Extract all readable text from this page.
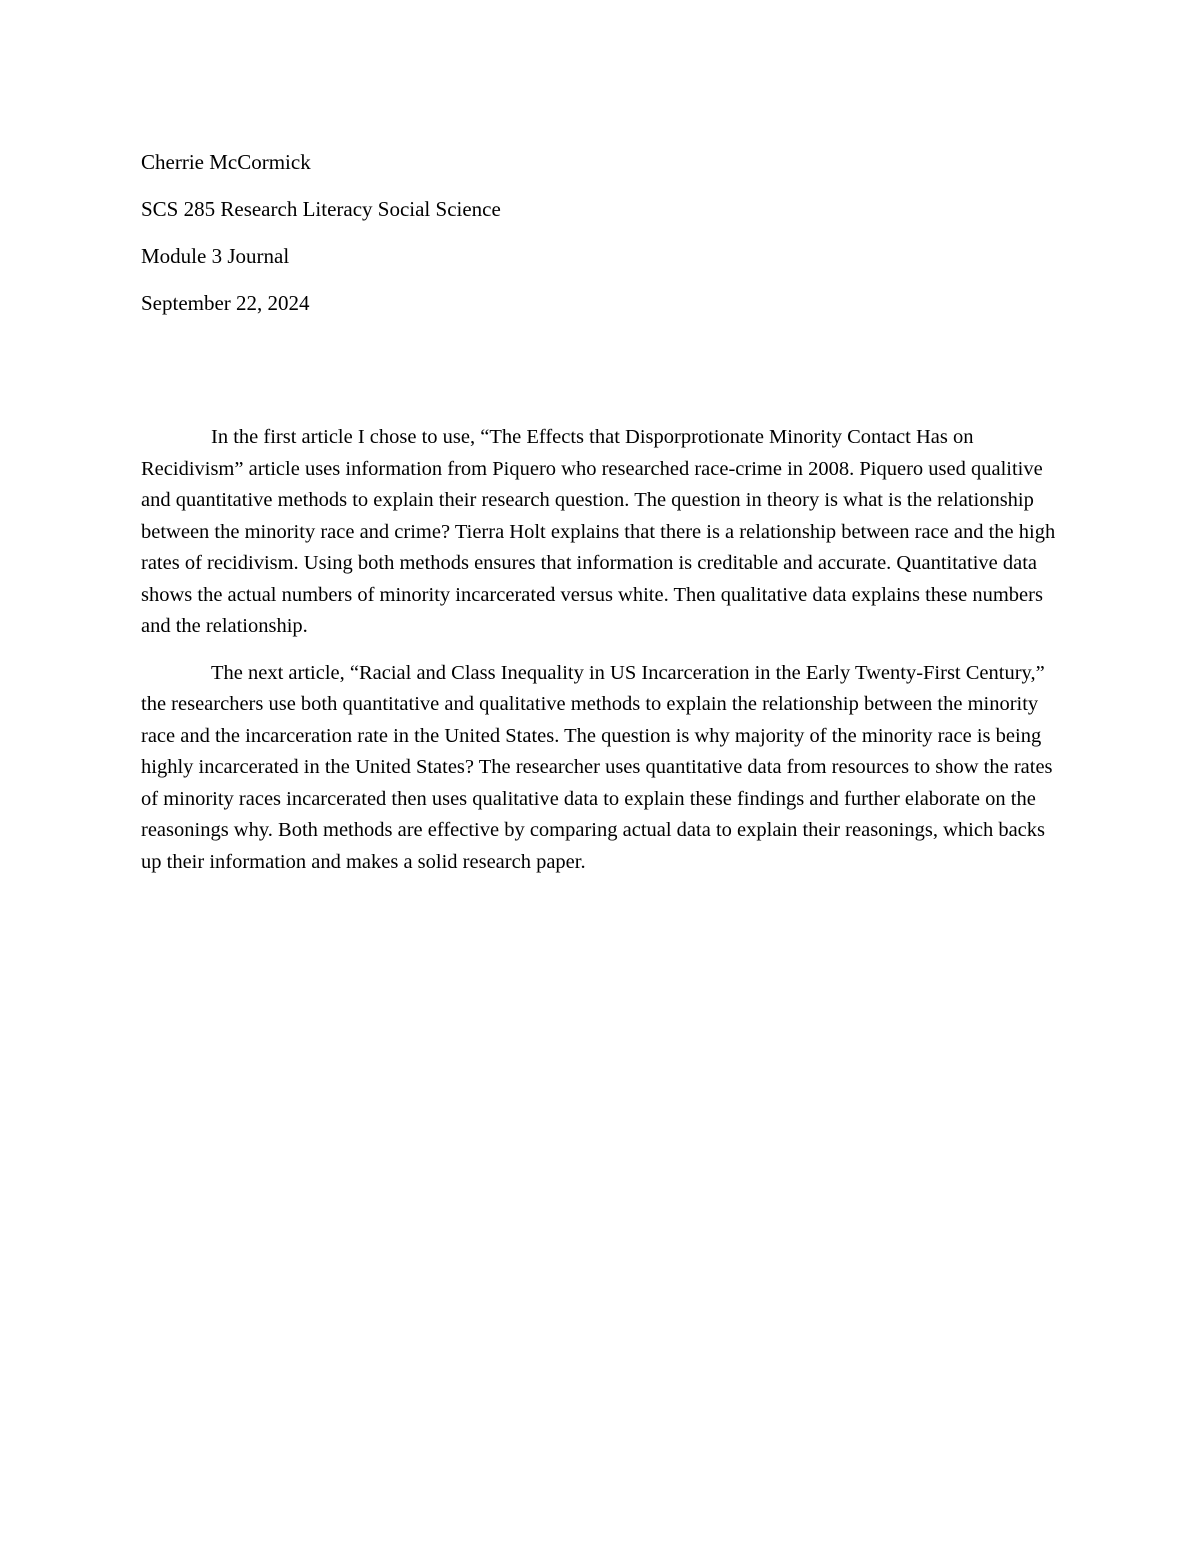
Cherrie McCormick

SCS 285 Research Literacy Social Science

Module 3 Journal

September 22, 2024

In the first article I chose to use, “The Effects that Disporprotionate Minority Contact Has on Recidivism” article uses information from Piquero who researched race-crime in 2008. Piquero used qualitive and quantitative methods to explain their research question. The question in theory is what is the relationship between the minority race and crime? Tierra Holt explains that there is a relationship between race and the high rates of recidivism. Using both methods ensures that information is creditable and accurate. Quantitative data shows the actual numbers of minority incarcerated versus white. Then qualitative data explains these numbers and the relationship.

The next article, “Racial and Class Inequality in US Incarceration in the Early Twenty-First Century,” the researchers use both quantitative and qualitative methods to explain the relationship between the minority race and the incarceration rate in the United States. The question is why majority of the minority race is being highly incarcerated in the United States? The researcher uses quantitative data from resources to show the rates of minority races incarcerated then uses qualitative data to explain these findings and further elaborate on the reasonings why. Both methods are effective by comparing actual data to explain their reasonings, which backs up their information and makes a solid research paper.
